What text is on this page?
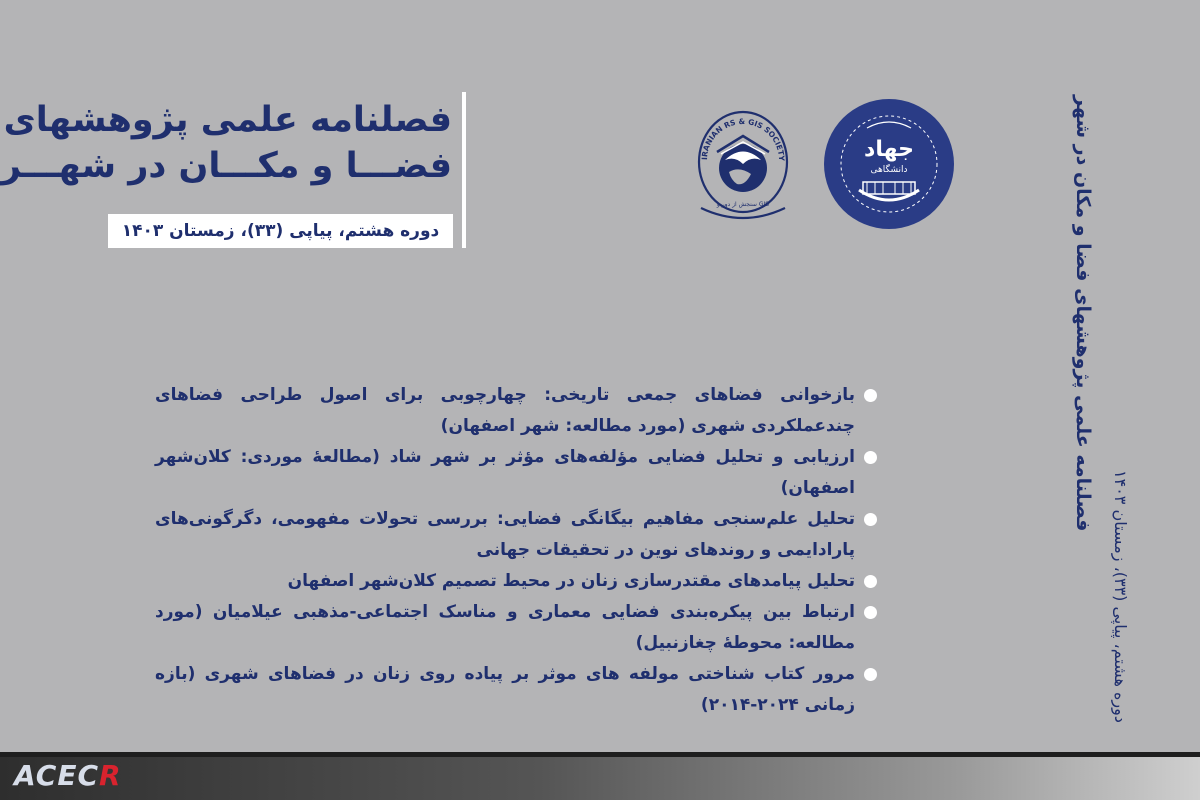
فصلنامه علمی پژوهشهای
فضـــا و مکـــان در شهـــر
دوره هشتم، پیاپی (۳۳)، زمستان ۱۴۰۳
IRANIAN RS & GIS SOCIETY
سنجش از دور و GIS
جهاد
دانشگاهی
بازخوانی فضاهای جمعی تاریخی: چهارچوبی برای اصول طراحی فضاهای چندعملکردی شهری (مورد مطالعه: شهر اصفهان)
ارزیابی و تحلیل فضایی مؤلفه‌های مؤثر بر شهر شاد (مطالعهٔ موردی: کلان‌شهر اصفهان)
تحلیل علم‌سنجی مفاهیم بیگانگی فضایی: بررسی تحولات مفهومی، دگرگونی‌های پارادایمی و روندهای نوین در تحقیقات جهانی
تحلیل پیامدهای مقتدرسازی زنان در محیط تصمیم کلان‌شهر اصفهان
ارتباط بین پیکره‌بندی فضایی معماری و مناسک اجتماعی-مذهبی عیلامیان (مورد مطالعه: محوطهٔ چغازنبیل)
مرور کتاب شناختی مولفه های موثر بر پیاده روی زنان در فضاهای شهری (بازه زمانی ۲۰۲۴-۲۰۱۴)
فصلنامه علمی پژوهشهای فضا و مکان در شهر دوره هشتم، پیاپی (۳۳)، زمستان ۱۴۰۳
ACECR
